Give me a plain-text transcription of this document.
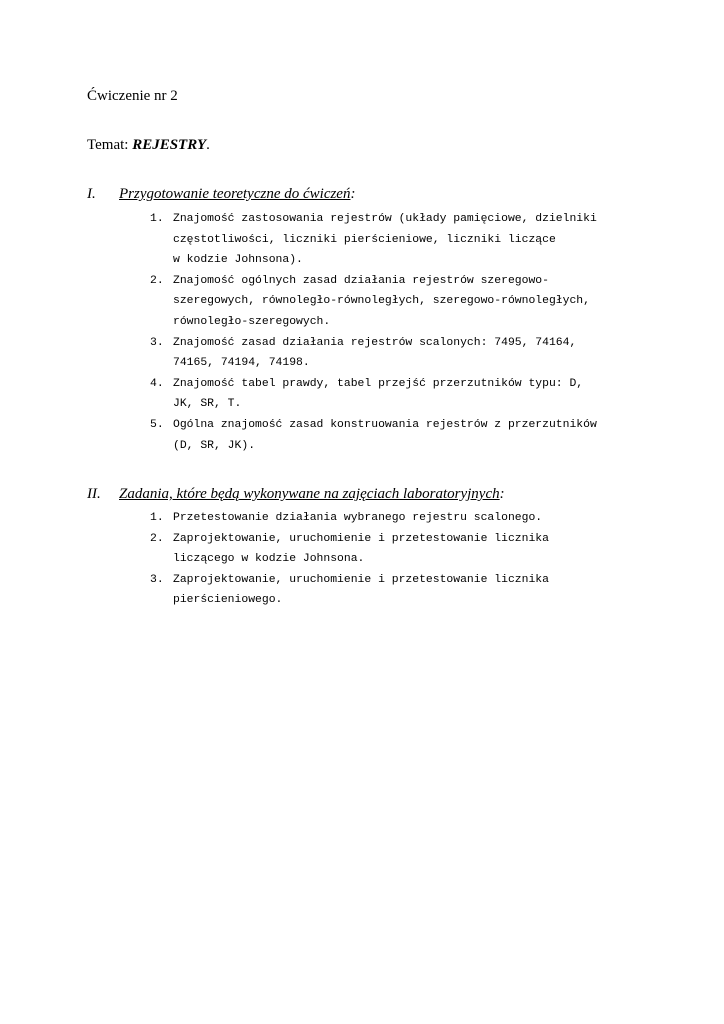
Ćwiczenie nr 2
Temat: REJESTRY.
I. Przygotowanie teoretyczne do ćwiczeń:
1. Znajomość zastosowania rejestrów (układy pamięciowe, dzielniki
częstotliwości, liczniki pierścieniowe, liczniki liczące
w kodzie Johnsona).
2. Znajomość ogólnych zasad działania rejestrów szeregowo-
szeregowych, równoległo-równoległych, szeregowo-równoległych,
równoległo-szeregowych.
3. Znajomość zasad działania rejestrów scalonych: 7495, 74164,
74165, 74194, 74198.
4. Znajomość tabel prawdy, tabel przejść przerzutników typu: D,
JK, SR, T.
5. Ogólna znajomość zasad konstruowania rejestrów z przerzutników
(D, SR, JK).
II. Zadania, które będą wykonywane na zajęciach laboratoryjnych:
1. Przetestowanie działania wybranego rejestru scalonego.
2. Zaprojektowanie, uruchomienie i przetestowanie licznika
liczącego w kodzie Johnsona.
3. Zaprojektowanie, uruchomienie i przetestowanie licznika
pierścieniowego.
